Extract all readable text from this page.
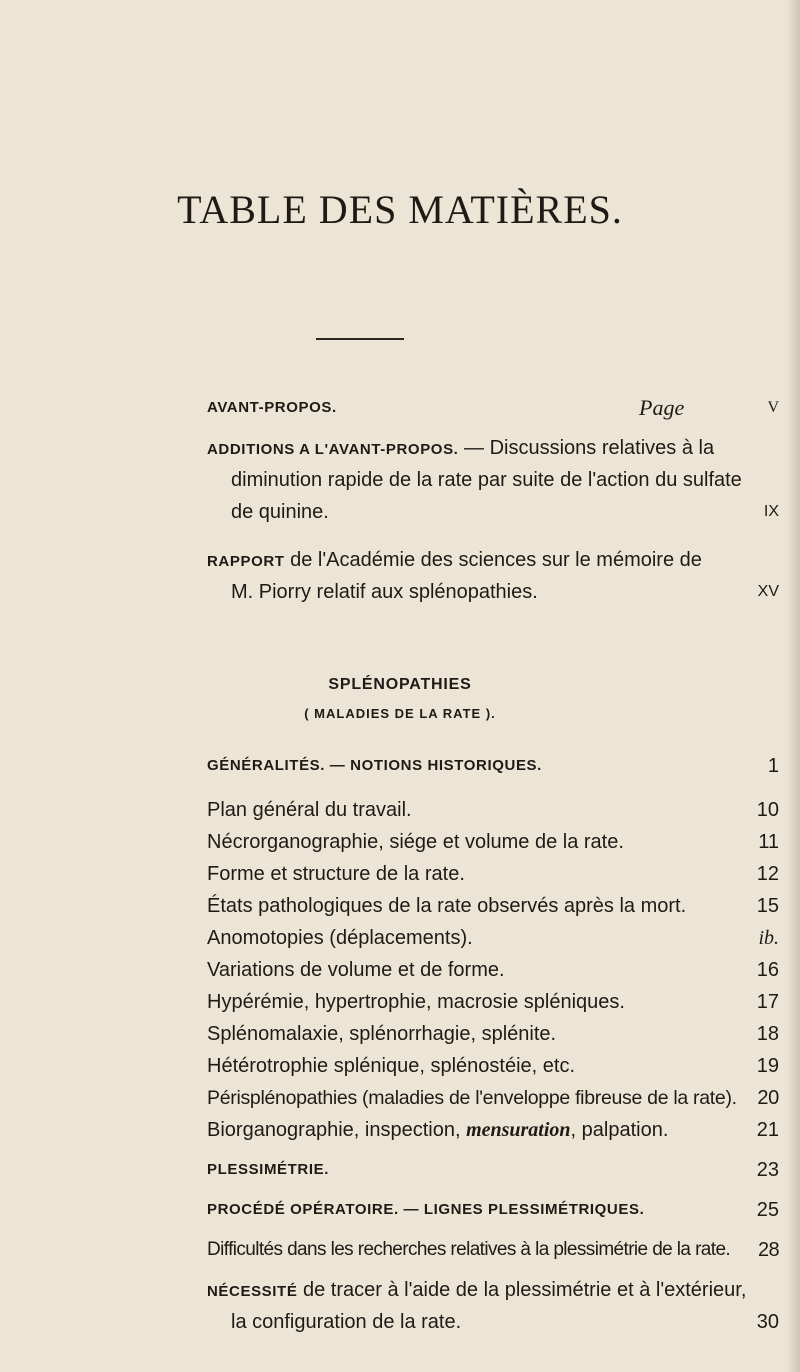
TABLE DES MATIÈRES.
AVANT-PROPOS.	Page	V
ADDITIONS A L'AVANT-PROPOS. — Discussions relatives à la
diminution rapide de la rate par suite de l'action du sulfate
de quinine.	IX
RAPPORT de l'Académie des sciences sur le mémoire de
M. Piorry relatif aux splénopathies.	XV
SPLÉNOPATHIES
( MALADIES DE LA RATE ).
GÉNÉRALITÉS. — NOTIONS HISTORIQUES.	1
Plan général du travail.	10
Nécrorganographie, siége et volume de la rate.	11
Forme et structure de la rate.	12
États pathologiques de la rate observés après la mort.	15
Anomotopies (déplacements).	ib.
Variations de volume et de forme.	16
Hypérémie, hypertrophie, macrosie spléniques.	17
Splénomalaxie, splénorrhagie, splénite.	18
Hétérotrophie splénique, splénostéie, etc.	19
Périsplénopathies (maladies de l'enveloppe fibreuse de la rate). 20
Biorganographie, inspection, mensuration, palpation.	21
PLESSIMÉTRIE.	23
PROCÉDÉ OPÉRATOIRE. — LIGNES PLESSIMÉTRIQUES.	25
Difficultés dans les recherches relatives à la plessimétrie de la rate. 28
NÉCESSITÉ de tracer à l'aide de la plessimétrie et à l'extérieur,
la configuration de la rate.	30
